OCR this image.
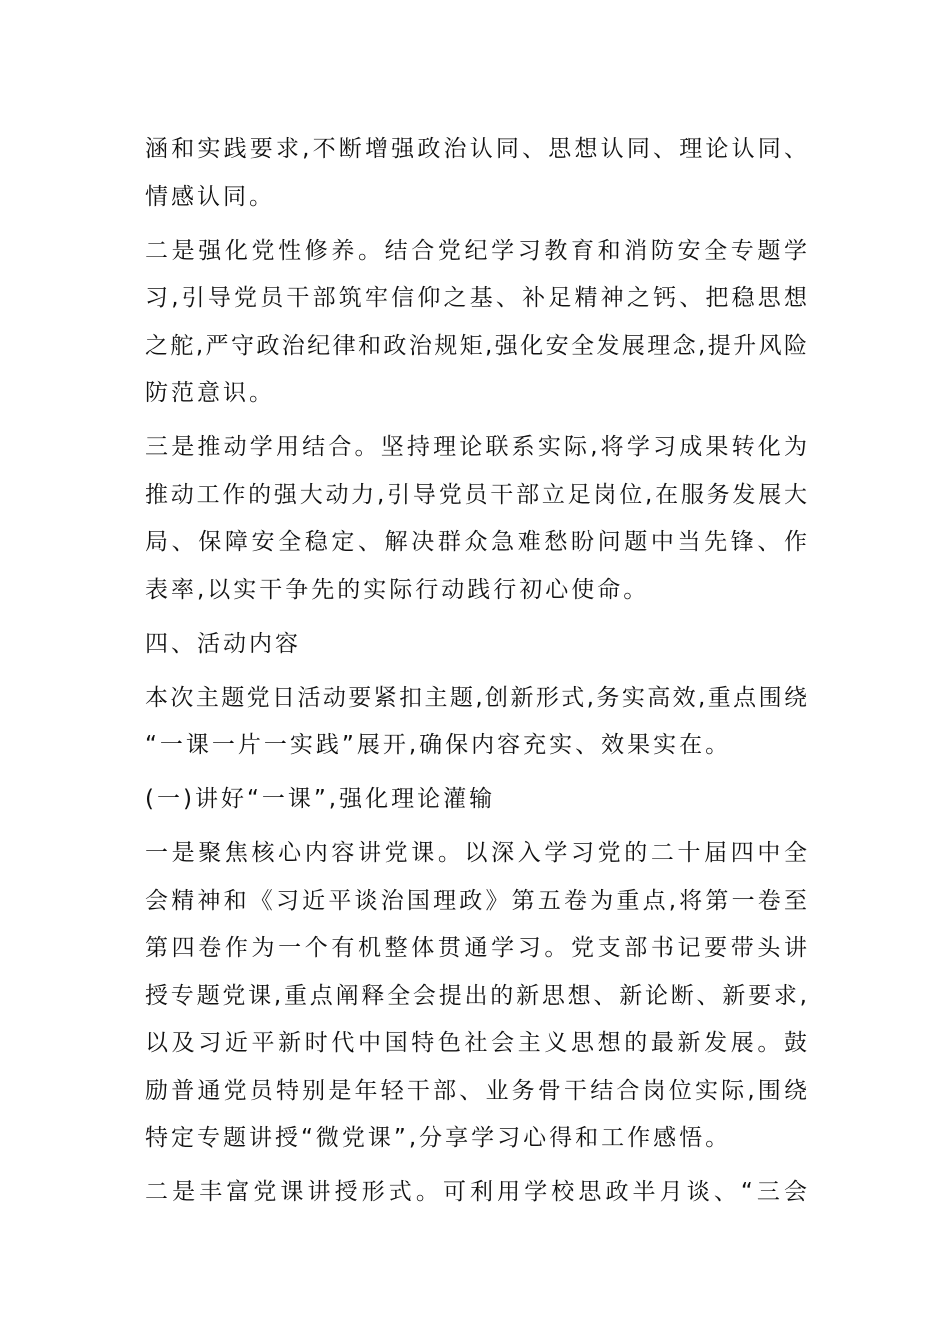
涵和实践要求,不断增强政治认同、思想认同、理论认同、
情感认同。
二是强化党性修养。结合党纪学习教育和消防安全专题学
习,引导党员干部筑牢信仰之基、补足精神之钙、把稳思想
之舵,严守政治纪律和政治规矩,强化安全发展理念,提升风险
防范意识。
三是推动学用结合。坚持理论联系实际,将学习成果转化为
推动工作的强大动力,引导党员干部立足岗位,在服务发展大
局、保障安全稳定、解决群众急难愁盼问题中当先锋、作
表率,以实干争先的实际行动践行初心使命。
四、活动内容
本次主题党日活动要紧扣主题,创新形式,务实高效,重点围绕
“一课一片一实践”展开,确保内容充实、效果实在。
(一)讲好“一课”,强化理论灌输
一是聚焦核心内容讲党课。以深入学习党的二十届四中全
会精神和《习近平谈治国理政》第五卷为重点,将第一卷至
第四卷作为一个有机整体贯通学习。党支部书记要带头讲
授专题党课,重点阐释全会提出的新思想、新论断、新要求,
以及习近平新时代中国特色社会主义思想的最新发展。鼓
励普通党员特别是年轻干部、业务骨干结合岗位实际,围绕
特定专题讲授“微党课”,分享学习心得和工作感悟。
二是丰富党课讲授形式。可利用学校思政半月谈、“三会
